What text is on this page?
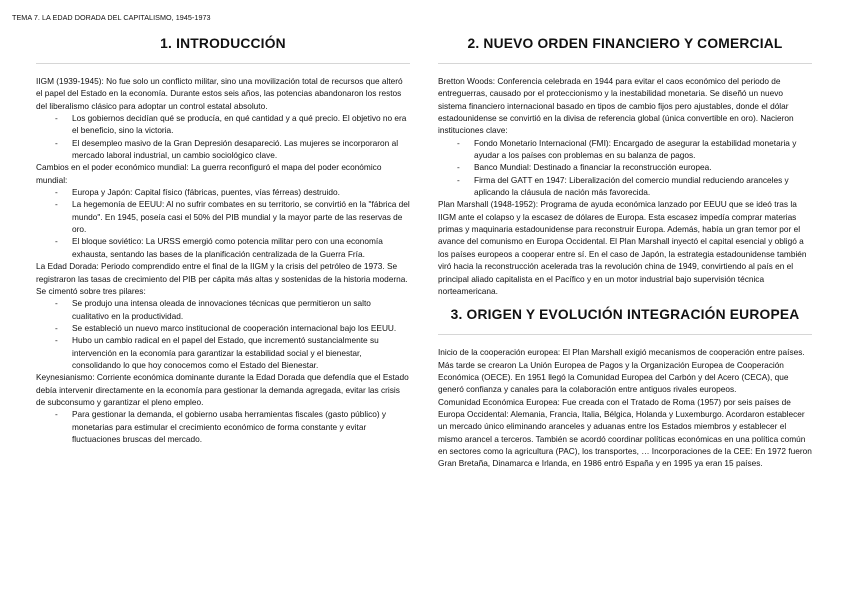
TEMA 7. LA EDAD DORADA DEL CAPITALISMO, 1945-1973
1. INTRODUCCIÓN

IIGM (1939-1945): No fue solo un conflicto militar, sino una movilización total de recursos que alteró el papel del Estado en la economía. Durante estos seis años, las potencias abandonaron los restos del liberalismo clásico para adoptar un control estatal absoluto.

- Los gobiernos decidían qué se producía, en qué cantidad y a qué precio. El objetivo no era el beneficio, sino la victoria.
- El desempleo masivo de la Gran Depresión desapareció. Las mujeres se incorporaron al mercado laboral industrial, un cambio sociológico clave.

Cambios en el poder económico mundial: La guerra reconfiguró el mapa del poder económico mundial:

- Europa y Japón: Capital físico (fábricas, puentes, vías férreas) destruido.
- La hegemonía de EEUU: Al no sufrir combates en su territorio, se convirtió en la "fábrica del mundo". En 1945, poseía casi el 50% del PIB mundial y la mayor parte de las reservas de oro.
- El bloque soviético: La URSS emergió como potencia militar pero con una economía exhausta, sentando las bases de la planificación centralizada de la Guerra Fría.

La Edad Dorada: Periodo comprendido entre el final de la IIGM y la crisis del petróleo de 1973. Se registraron las tasas de crecimiento del PIB per cápita más altas y sostenidas de la historia moderna. Se cimentó sobre tres pilares:

- Se produjo una intensa oleada de innovaciones técnicas que permitieron un salto cualitativo en la productividad.
- Se estableció un nuevo marco institucional de cooperación internacional bajo los EEUU.
- Hubo un cambio radical en el papel del Estado, que incrementó sustancialmente su intervención en la economía para garantizar la estabilidad social y el bienestar, consolidando lo que hoy conocemos como el Estado del Bienestar.

Keynesianismo: Corriente económica dominante durante la Edad Dorada que defendía que el Estado debía intervenir directamente en la economía para gestionar la demanda agregada, evitar las crisis de subconsumo y garantizar el pleno empleo.

- Para gestionar la demanda, el gobierno usaba herramientas fiscales (gasto público) y monetarias para estimular el crecimiento económico de forma constante y evitar fluctuaciones bruscas del mercado.
2. NUEVO ORDEN FINANCIERO Y COMERCIAL

Bretton Woods: Conferencia celebrada en 1944 para evitar el caos económico del periodo de entreguerras, causado por el proteccionismo y la inestabilidad monetaria. Se diseñó un nuevo sistema financiero internacional basado en tipos de cambio fijos pero ajustables, donde el dólar estadounidense se convirtió en la divisa de referencia global (única convertible en oro). Nacieron instituciones clave:

- Fondo Monetario Internacional (FMI): Encargado de asegurar la estabilidad monetaria y ayudar a los países con problemas en su balanza de pagos.
- Banco Mundial: Destinado a financiar la reconstrucción europea.
- Firma del GATT en 1947: Liberalización del comercio mundial reduciendo aranceles y aplicando la cláusula de nación más favorecida.

Plan Marshall (1948-1952): Programa de ayuda económica lanzado por EEUU que se ideó tras la IIGM ante el colapso y la escasez de dólares de Europa. Esta escasez impedía comprar materias primas y maquinaria estadounidense para reconstruir Europa. Además, había un gran temor por el avance del comunismo en Europa Occidental. El Plan Marshall inyectó el capital esencial y obligó a los países europeos a cooperar entre sí. En el caso de Japón, la estrategia estadounidense también viró hacia la reconstrucción acelerada tras la revolución china de 1949, convirtiendo al país en el principal aliado capitalista en el Pacífico y en un motor industrial bajo supervisión técnica norteamericana.

3. ORIGEN Y EVOLUCIÓN INTEGRACIÓN EUROPEA

Inicio de la cooperación europea: El Plan Marshall exigió mecanismos de cooperación entre países. Más tarde se crearon La Unión Europea de Pagos y la Organización Europea de Cooperación Económica (OECE). En 1951 llegó la Comunidad Europea del Carbón y del Acero (CECA), que generó confianza y canales para la colaboración entre antiguos rivales europeos.

Comunidad Económica Europea: Fue creada con el Tratado de Roma (1957) por seis países de Europa Occidental: Alemania, Francia, Italia, Bélgica, Holanda y Luxemburgo. Acordaron establecer un mercado único eliminando aranceles y aduanas entre los Estados miembros y establecer el mismo arancel a terceros. También se acordó coordinar políticas económicas en una política común en sectores como la agricultura (PAC), los transportes, … Incorporaciones de la CEE: En 1972 fueron Gran Bretaña, Dinamarca e Irlanda, en 1986 entró España y en 1995 ya eran 15 países.
